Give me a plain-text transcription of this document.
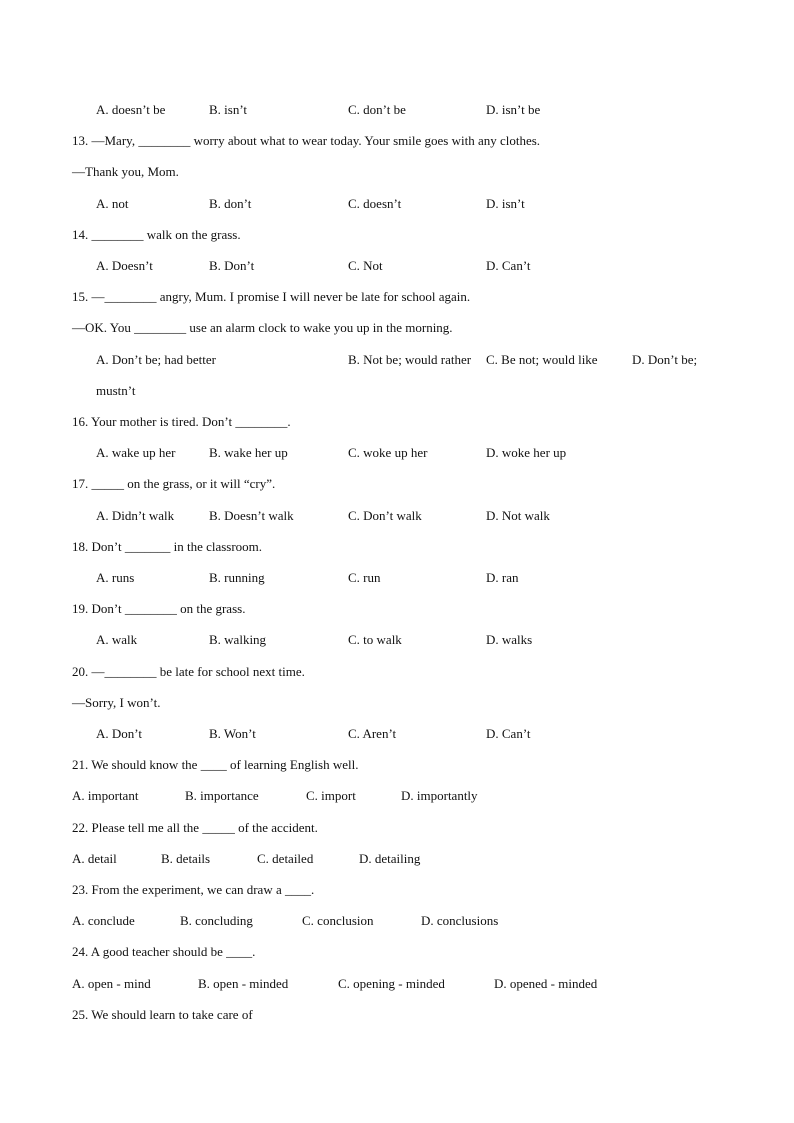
A. doesn’t be	B. isn’t	C. don’t be	D. isn’t be
13. —Mary, ________ worry about what to wear today. Your smile goes with any clothes.
—Thank you, Mom.
A. not	B. don’t	C. doesn’t	D. isn’t
14. ________ walk on the grass.
A. Doesn’t	B. Don’t	C. Not	D. Can’t
15. —________ angry, Mum. I promise I will never be late for school again.
—OK. You ________ use an alarm clock to wake you up in the morning.
A. Don’t be; had better	B. Not be; would rather C. Be not; would like	D. Don’t be;
mustn’t
16. Your mother is tired. Don’t ________.
A. wake up her	B. wake her up	C. woke up her	D. woke her up
17. _____ on the grass, or it will “cry”.
A. Didn’t walk	B. Doesn’t walk	C. Don’t walk	D. Not walk
18. Don’t _______ in the classroom.
A. runs	B. running	C. run	D. ran
19. Don’t ________ on the grass.
A. walk	B. walking	C. to walk	D. walks
20. —________ be late for school next time.
—Sorry, I won’t.
A. Don’t	B. Won’t	C. Aren’t	D. Can’t
21. We should know the ____ of learning English well.
A. important	B. importance	C. import	D. importantly
22. Please tell me all the _____ of the accident.
A. detail	B. details	C. detailed	D. detailing
23. From the experiment, we can draw a ____.
A. conclude	B. concluding	C. conclusion	D. conclusions
24. A good teacher should be ____.
A. open - mind	B. open - minded	C. opening - minded	D. opened - minded
25. We should learn to take care of
